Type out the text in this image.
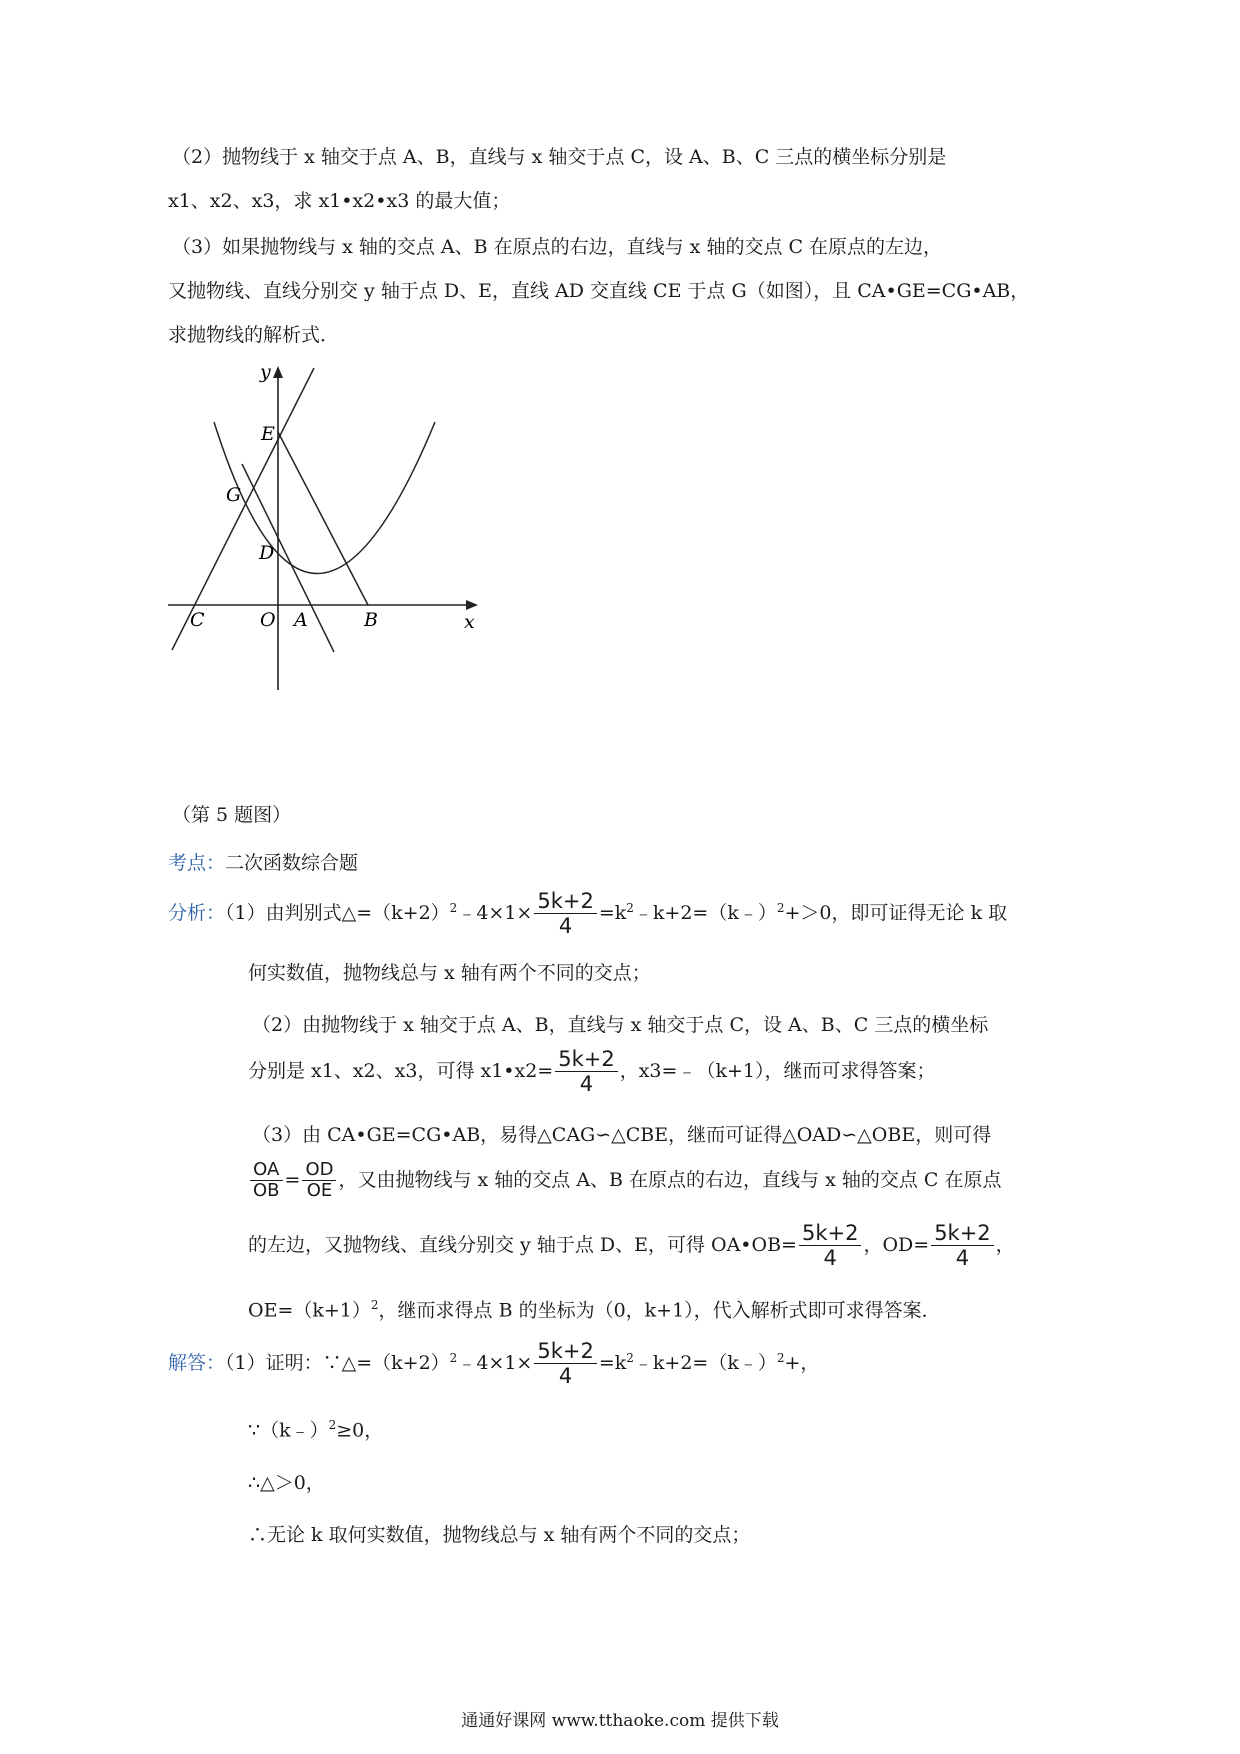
（2）抛物线于 x 轴交于点 A、B，直线与 x 轴交于点 C，设 A、B、C 三点的横坐标分别是
x1、x2、x3，求 x1•x2•x3 的最大值；
（3）如果抛物线与 x 轴的交点 A、B 在原点的右边，直线与 x 轴的交点 C 在原点的左边，
又抛物线、直线分别交 y 轴于点 D、E，直线 AD 交直线 CE 于点 G（如图），且 CA•GE=CG•AB，
求抛物线的解析式．
y
x
E
G
D
C	O A	B
（第 5 题图）
考点：二次函数综合题
分析：（1）由判别式$\triangle=(k+2)^2﹣4\times 1\times \frac{5k+2}{4}$ $=k^2﹣k+2=(k﹣)^2+>0$，即可证得无论 k 取
何实数值，抛物线总与 x 轴有两个不同的交点；
（2）由抛物线于 x 轴交于点 A、B，直线与 x 轴交于点 C，设 A、B、C 三点的横坐标
分别是 x1、x2、x3，可得 x1•x2= $\frac{5k+2}{4}$ ，x3=﹣（k+1），继而可求得答案；
（3）由 CA•GE=CG•AB，易得△CAG∽△CBE，继而可证得△OAD∽△OBE，则可得
$\frac{OA}{OB} = \frac{OD}{OE}$ ，又由抛物线与 x 轴的交点 A、B 在原点的右边，直线与 x 轴的交点 C 在原点
的左边，又抛物线、直线分别交 y 轴于点 D、E，可得 OA•OB= $\frac{5k+2}{4}$ ，$OD= \frac{5k+2}{4}$ ，
$OE=(k+1)^2$，继而求得点 B 的坐标为（0，k+1），代入解析式即可求得答案．
解答：（1）证明：$\because\triangle=(k+2)^2﹣4\times 1\times \frac{5k+2}{4}$ $=k^2﹣k+2=(k﹣)^2+$，
∵（k﹣）$^2$≥0，
∴△＞0，
∴无论 k 取何实数值，抛物线总与 x 轴有两个不同的交点；
通通好课网 www.tthaoke.com 提供下载
